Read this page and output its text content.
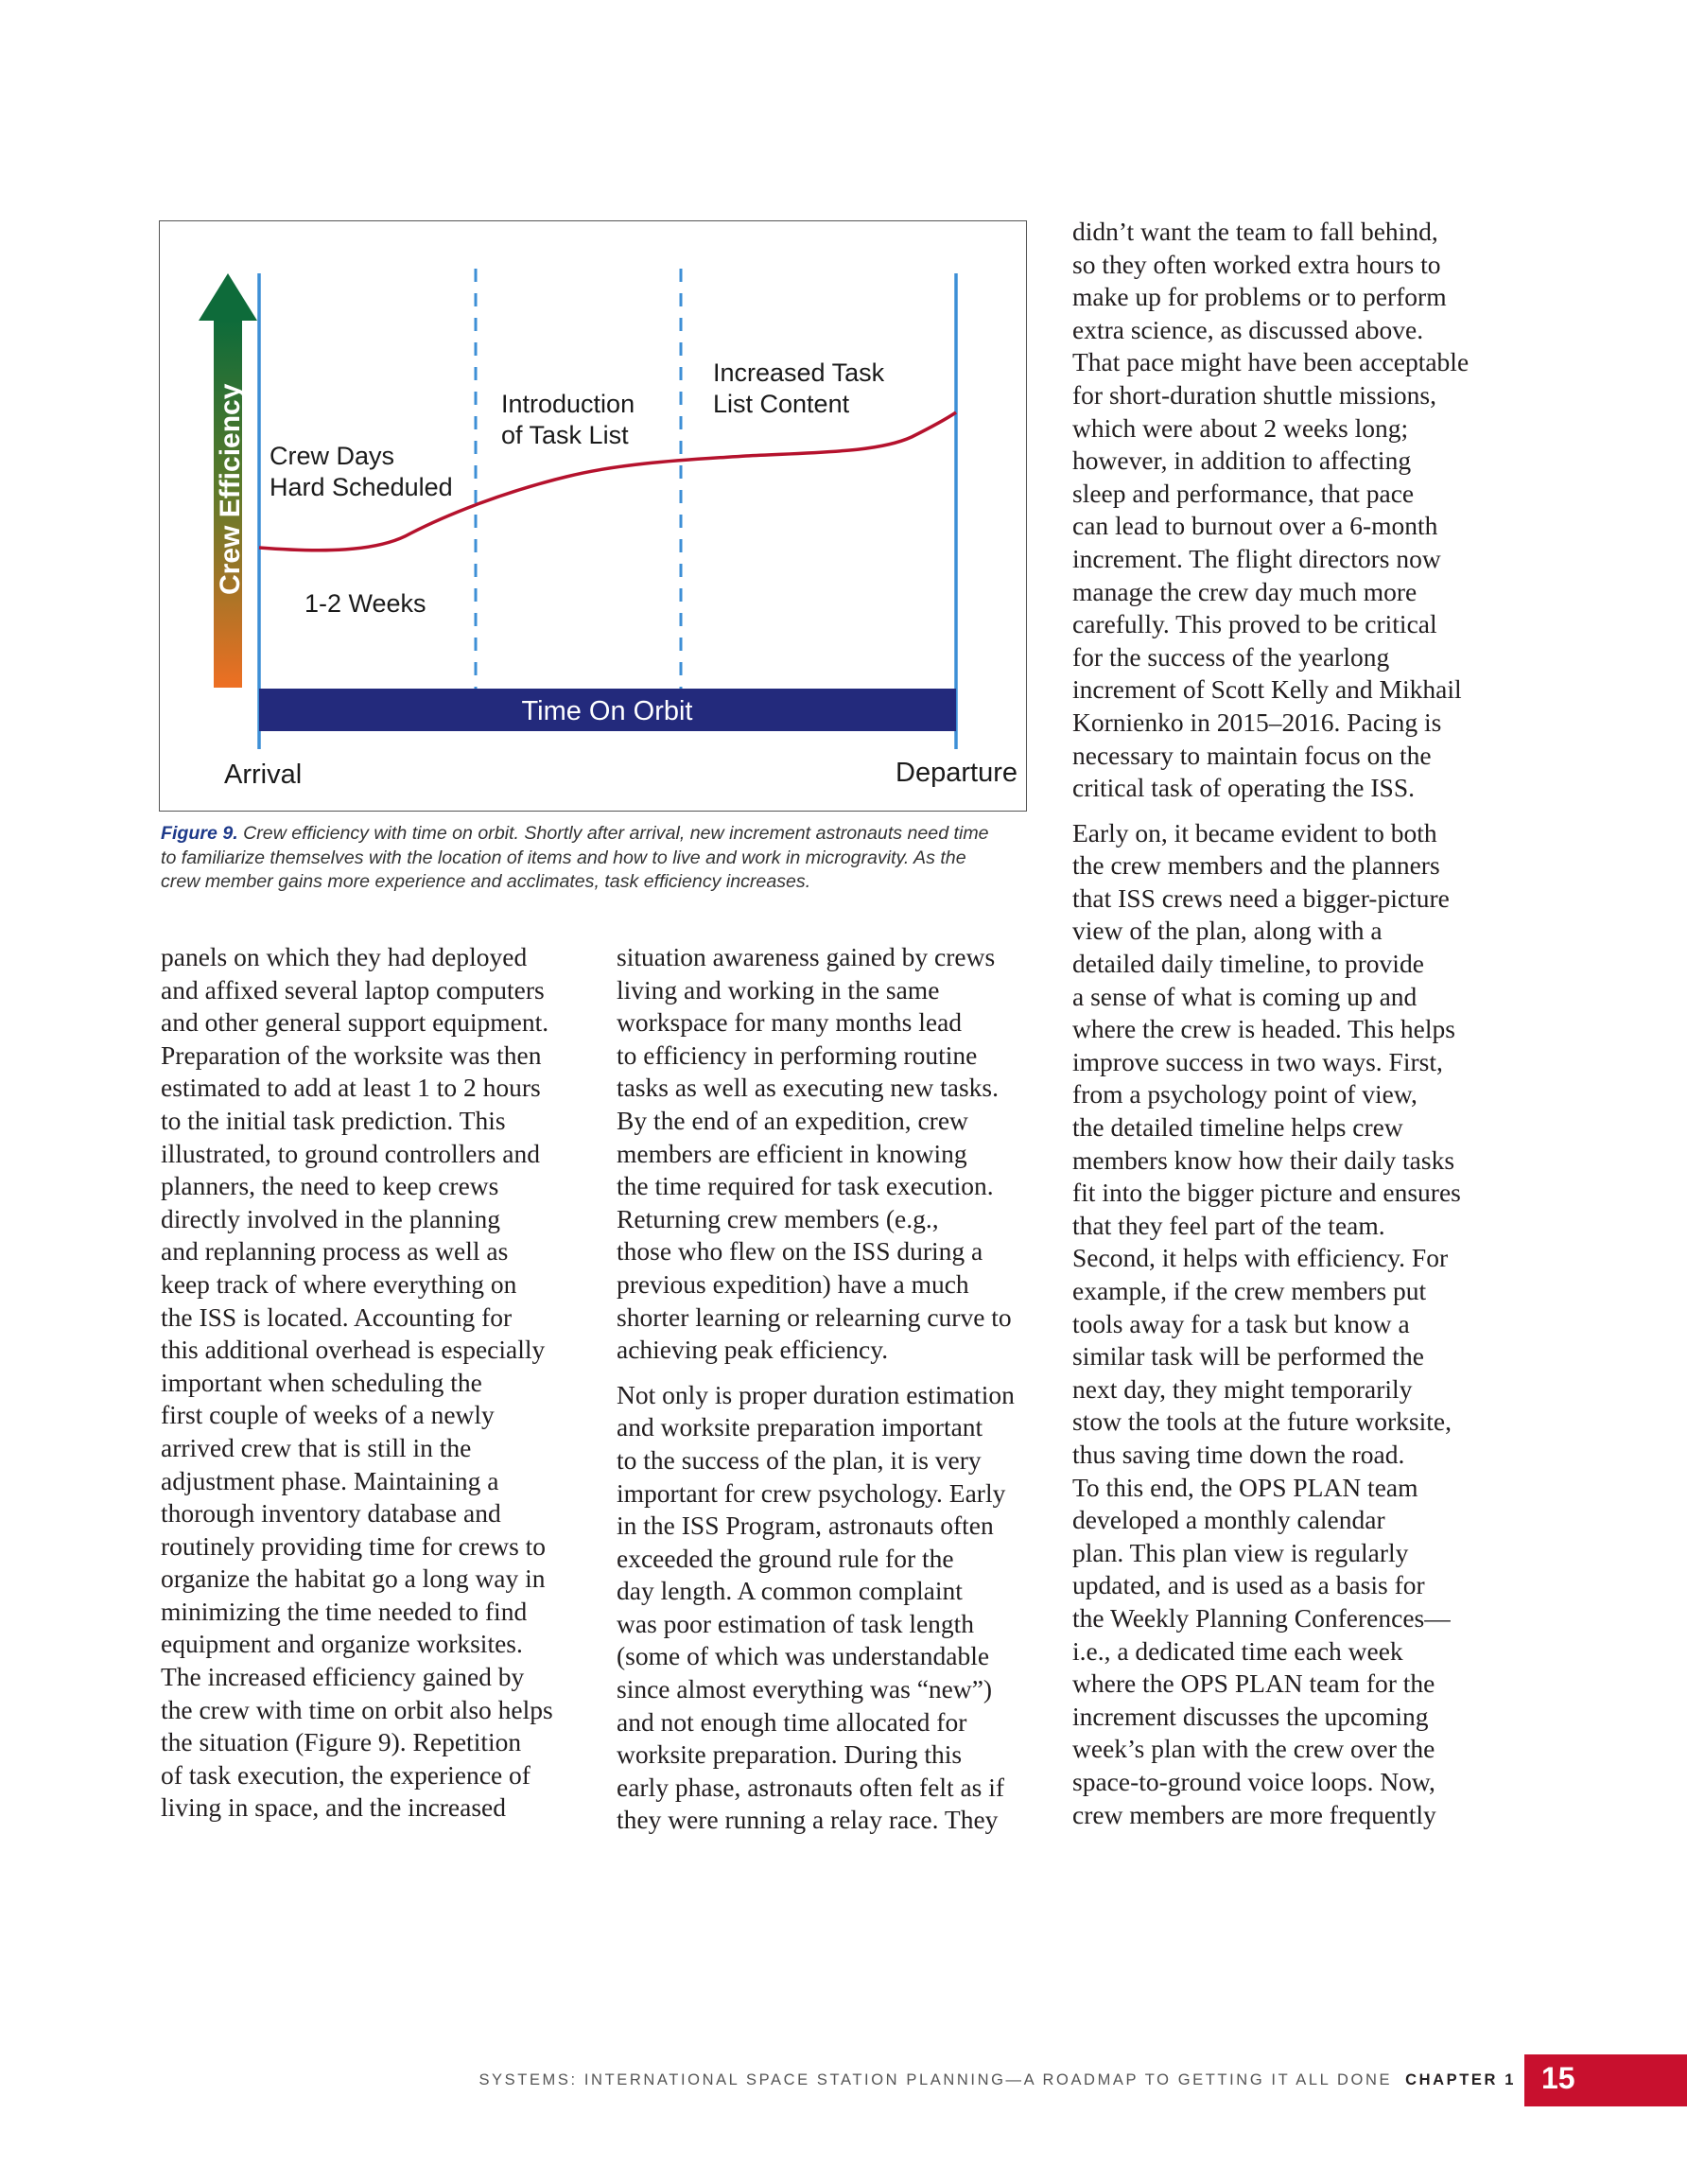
Crew Efficiency
Time On Orbit
Crew Days
Hard Scheduled
1-2 Weeks
Introduction
of Task List
Increased Task
List Content
Arrival	Departure

Figure 9. Crew efficiency with time on orbit. Shortly after arrival, new increment astronauts need time

to familiarize themselves with the location of items and how to live and work in microgravity. As the

crew member gains more experience and acclimates, task efficiency increases.

panels on which they had deployed

and affixed several laptop computers

and other general support equipment.

Preparation of the worksite was then

estimated to add at least 1 to 2 hours

to the initial task prediction. This

illustrated, to ground controllers and

planners, the need to keep crews

directly involved in the planning

and replanning process as well as

keep track of where everything on

the ISS is located. Accounting for

this additional overhead is especially

important when scheduling the

first couple of weeks of a newly

arrived crew that is still in the

adjustment phase. Maintaining a

thorough inventory database and

routinely providing time for crews to

organize the habitat go a long way in

minimizing the time needed to find

equipment and organize worksites.

The increased efficiency gained by

the crew with time on orbit also helps

the situation (Figure 9). Repetition

of task execution, the experience of

living in space, and the increased

situation awareness gained by crews

living and working in the same

workspace for many months lead

to efficiency in performing routine

tasks as well as executing new tasks.

By the end of an expedition, crew

members are efficient in knowing

the time required for task execution.

Returning crew members (e.g.,

those who flew on the ISS during a

previous expedition) have a much

shorter learning or relearning curve to

achieving peak efficiency.

Not only is proper duration estimation

and worksite preparation important

to the success of the plan, it is very

important for crew psychology. Early

in the ISS Program, astronauts often

exceeded the ground rule for the

day length. A common complaint

was poor estimation of task length

(some of which was understandable

since almost everything was “new”)

and not enough time allocated for

worksite preparation. During this

early phase, astronauts often felt as if

they were running a relay race. They

didn’t want the team to fall behind,

so they often worked extra hours to

make up for problems or to perform

extra science, as discussed above.

That pace might have been acceptable

for short-duration shuttle missions,

which were about 2 weeks long;

however, in addition to affecting

sleep and performance, that pace

can lead to burnout over a 6-month

increment. The flight directors now

manage the crew day much more

carefully. This proved to be critical

for the success of the yearlong

increment of Scott Kelly and Mikhail

Kornienko in 2015–2016. Pacing is

necessary to maintain focus on the

critical task of operating the ISS.

Early on, it became evident to both

the crew members and the planners

that ISS crews need a bigger-picture

view of the plan, along with a

detailed daily timeline, to provide

a sense of what is coming up and

where the crew is headed. This helps

improve success in two ways. First,

from a psychology point of view,

the detailed timeline helps crew

members know how their daily tasks

fit into the bigger picture and ensures

that they feel part of the team.

Second, it helps with efficiency. For

example, if the crew members put

tools away for a task but know a

similar task will be performed the

next day, they might temporarily

stow the tools at the future worksite,

thus saving time down the road.

To this end, the OPS PLAN team

developed a monthly calendar

plan. This plan view is regularly

updated, and is used as a basis for

the Weekly Planning Conferences—

i.e., a dedicated time each week

where the OPS PLAN team for the

increment discusses the upcoming

week’s plan with the crew over the

space-to-ground voice loops. Now,

crew members are more frequently

SYSTEMS: INTERNATIONAL SPACE STATION PLANNING—A ROADMAP TO GETTING IT ALL DONE CHAPTER 1 15
